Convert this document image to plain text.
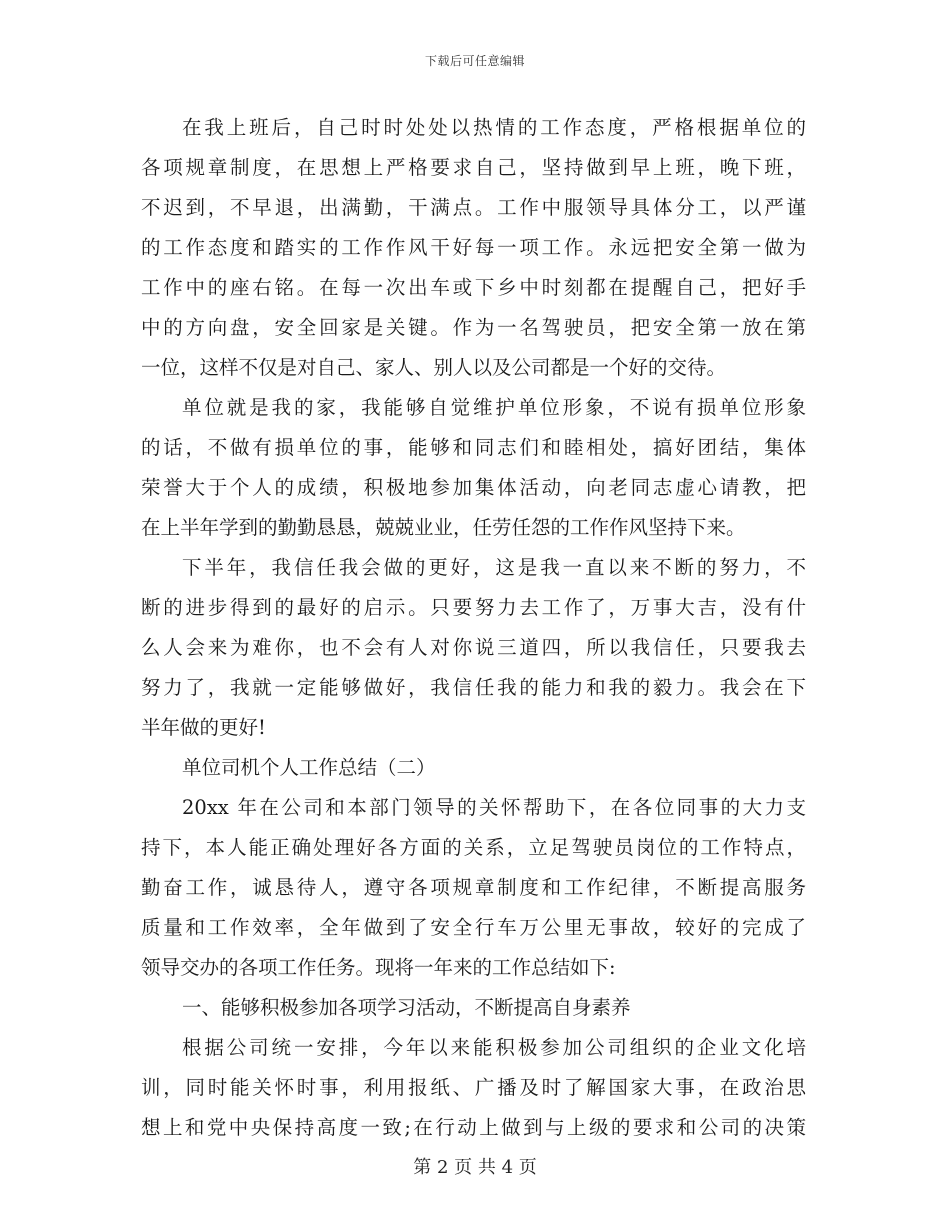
下载后可任意编辑
在我上班后，自己时时处处以热情的工作态度，严格根据单位的
各项规章制度，在思想上严格要求自己，坚持做到早上班，晚下班，
不迟到，不早退，出满勤，干满点。工作中服领导具体分工，以严谨
的工作态度和踏实的工作作风干好每一项工作。永远把安全第一做为
工作中的座右铭。在每一次出车或下乡中时刻都在提醒自己，把好手
中的方向盘，安全回家是关键。作为一名驾驶员，把安全第一放在第
一位，这样不仅是对自己、家人、别人以及公司都是一个好的交待。
单位就是我的家，我能够自觉维护单位形象，不说有损单位形象
的话，不做有损单位的事，能够和同志们和睦相处，搞好团结，集体
荣誉大于个人的成绩，积极地参加集体活动，向老同志虚心请教，把
在上半年学到的勤勤恳恳，兢兢业业，任劳任怨的工作作风坚持下来。
下半年，我信任我会做的更好，这是我一直以来不断的努力，不
断的进步得到的最好的启示。只要努力去工作了，万事大吉，没有什
么人会来为难你，也不会有人对你说三道四，所以我信任，只要我去
努力了，我就一定能够做好，我信任我的能力和我的毅力。我会在下
半年做的更好!
单位司机个人工作总结（二）
20xx 年在公司和本部门领导的关怀帮助下，在各位同事的大力支
持下，本人能正确处理好各方面的关系，立足驾驶员岗位的工作特点，
勤奋工作，诚恳待人，遵守各项规章制度和工作纪律，不断提高服务
质量和工作效率，全年做到了安全行车万公里无事故，较好的完成了
领导交办的各项工作任务。现将一年来的工作总结如下:
一、能够积极参加各项学习活动，不断提高自身素养
根据公司统一安排，今年以来能积极参加公司组织的企业文化培
训，同时能关怀时事，利用报纸、广播及时了解国家大事，在政治思
想上和党中央保持高度一致;在行动上做到与上级的要求和公司的决策
第 2 页 共 4 页
